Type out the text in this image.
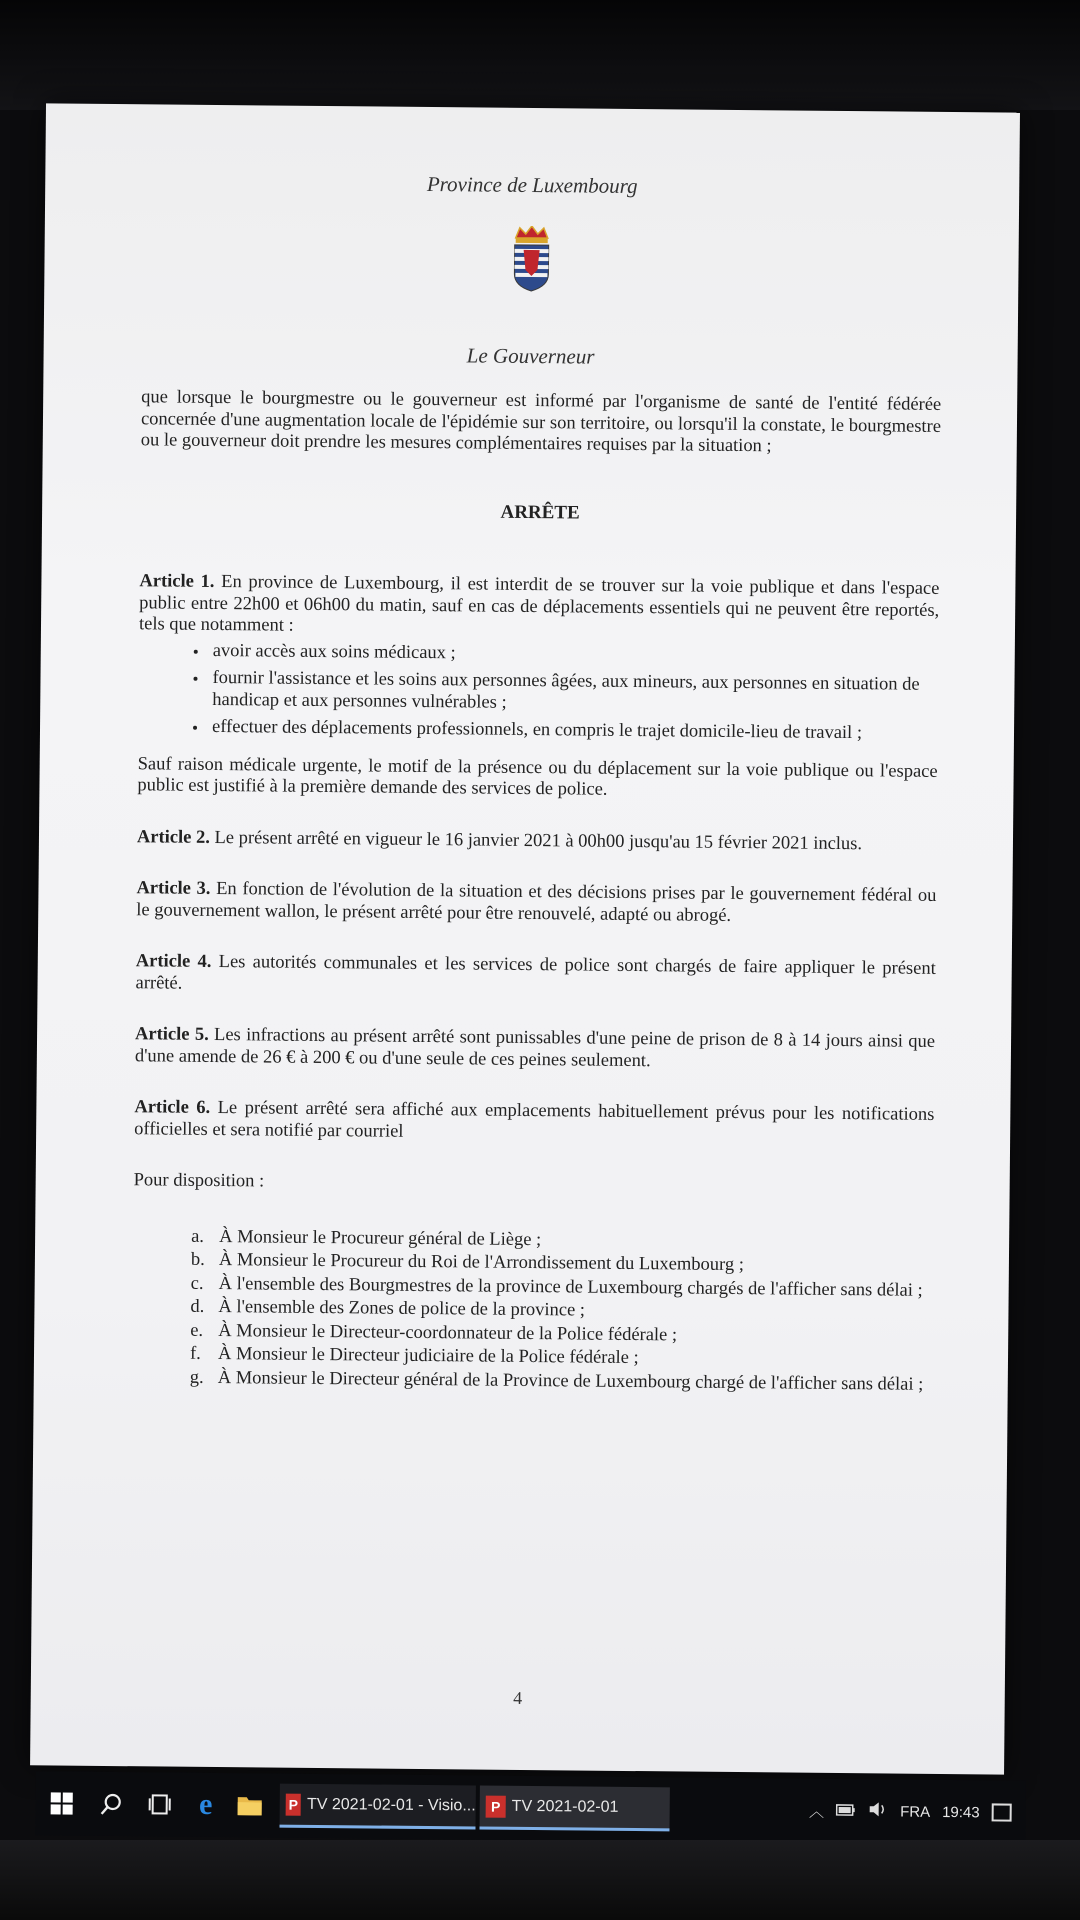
Province de Luxembourg
Le Gouverneur

que lorsque le bourgmestre ou le gouverneur est informé par l'organisme de santé de l'entité fédérée concernée d'une augmentation locale de l'épidémie sur son territoire, ou lorsqu'il la constate, le bourgmestre ou le gouverneur doit prendre les mesures complémentaires requises par la situation ;

ARRÊTE

Article 1. En province de Luxembourg, il est interdit de se trouver sur la voie publique et dans l'espace public entre 22h00 et 06h00 du matin, sauf en cas de déplacements essentiels qui ne peuvent être reportés, tels que notamment :

• avoir accès aux soins médicaux ;
• fournir l'assistance et les soins aux personnes âgées, aux mineurs, aux personnes en situation de handicap et aux personnes vulnérables ;
• effectuer des déplacements professionnels, en compris le trajet domicile-lieu de travail ;

Sauf raison médicale urgente, le motif de la présence ou du déplacement sur la voie publique ou l'espace public est justifié à la première demande des services de police.

Article 2. Le présent arrêté en vigueur le 16 janvier 2021 à 00h00 jusqu'au 15 février 2021 inclus.

Article 3. En fonction de l'évolution de la situation et des décisions prises par le gouvernement fédéral ou le gouvernement wallon, le présent arrêté pour être renouvelé, adapté ou abrogé.

Article 4. Les autorités communales et les services de police sont chargés de faire appliquer le présent arrêté.

Article 5. Les infractions au présent arrêté sont punissables d'une peine de prison de 8 à 14 jours ainsi que d'une amende de 26 € à 200 € ou d'une seule de ces peines seulement.

Article 6. Le présent arrêté sera affiché aux emplacements habituellement prévus pour les notifications officielles et sera notifié par courriel

Pour disposition :

a. À Monsieur le Procureur général de Liège ;
b. À Monsieur le Procureur du Roi de l'Arrondissement du Luxembourg ;
c. À l'ensemble des Bourgmestres de la province de Luxembourg chargés de l'afficher sans délai ;
d. À l'ensemble des Zones de police de la province ;
e. À Monsieur le Directeur-coordonnateur de la Police fédérale ;
f. À Monsieur le Directeur judiciaire de la Police fédérale ;
g. À Monsieur le Directeur général de la Province de Luxembourg chargé de l'afficher sans délai ;
4
e	P TV 2021-02-01 - Visio...	P TV 2021-02-01	︿	FRA 19:43
